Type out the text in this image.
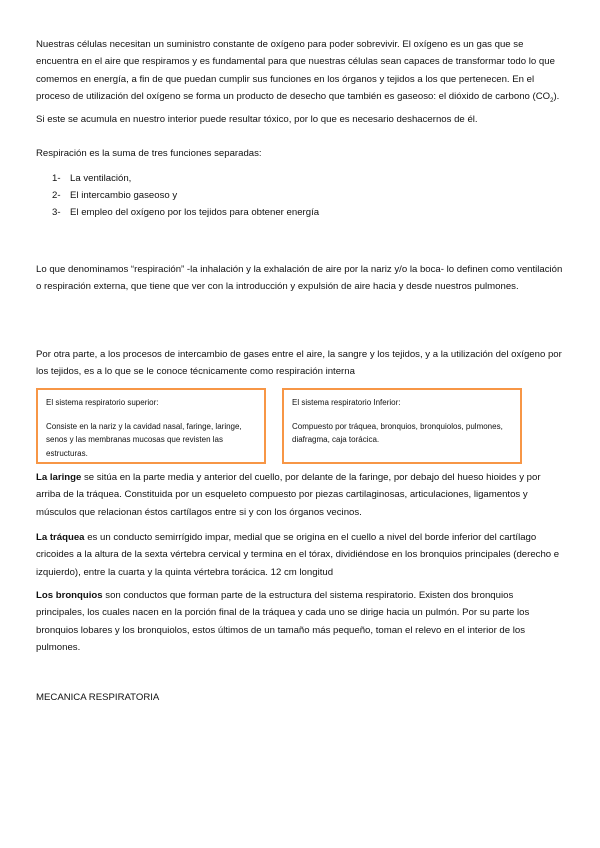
Nuestras células necesitan un suministro constante de oxígeno para poder sobrevivir. El oxígeno es un gas que se encuentra en el aire que respiramos y es fundamental para que nuestras células sean capaces de transformar todo lo que comemos en energía, a fin de que puedan cumplir sus funciones en los órganos y tejidos a los que pertenecen. En el proceso de utilización del oxígeno se forma un producto de desecho que también es gaseoso: el dióxido de carbono $(CO_2)$. Si este se acumula en nuestro interior puede resultar tóxico, por lo que es necesario deshacernos de él.

Respiración es la suma de tres funciones separadas:

1- La ventilación,
2- El intercambio gaseoso y
3- El empleo del oxígeno por los tejidos para obtener energía

Lo que denominamos “respiración” -la inhalación y la exhalación de aire por la nariz y/o la boca- lo definen como ventilación o respiración externa, que tiene que ver con la introducción y expulsión de aire hacia y desde nuestros pulmones.

Por otra parte, a los procesos de intercambio de gases entre el aire, la sangre y los tejidos, y a la utilización del oxígeno por los tejidos, es a lo que se le conoce técnicamente como respiración interna

El sistema respiratorio superior:

Consiste en la nariz y la cavidad nasal, faringe, laringe, senos y las membranas mucosas que revisten las estructuras.

El sistema respiratorio Inferior:

Compuesto por tráquea, bronquios, bronquiolos, pulmones, diafragma, caja torácica.

La laringe se sitúa en la parte media y anterior del cuello, por delante de la faringe, por debajo del hueso hioides y por arriba de la tráquea. Constituida por un esqueleto compuesto por piezas cartilaginosas, articulaciones, ligamentos y músculos que relacionan éstos cartílagos entre si y con los órganos vecinos.

La tráquea es un conducto semirrígido impar, medial que se origina en el cuello a nivel del borde inferior del cartílago cricoides a la altura de la sexta vértebra cervical y termina en el tórax, dividiéndose en los bronquios principales (derecho e izquierdo), entre la cuarta y la quinta vértebra torácica. 12 cm longitud

Los bronquios son conductos que forman parte de la estructura del sistema respiratorio. Existen dos bronquios principales, los cuales nacen en la porción final de la tráquea y cada uno se dirige hacia un pulmón. Por su parte los bronquios lobares y los bronquiolos, estos últimos de un tamaño más pequeño, toman el relevo en el interior de los pulmones.

MECANICA RESPIRATORIA
